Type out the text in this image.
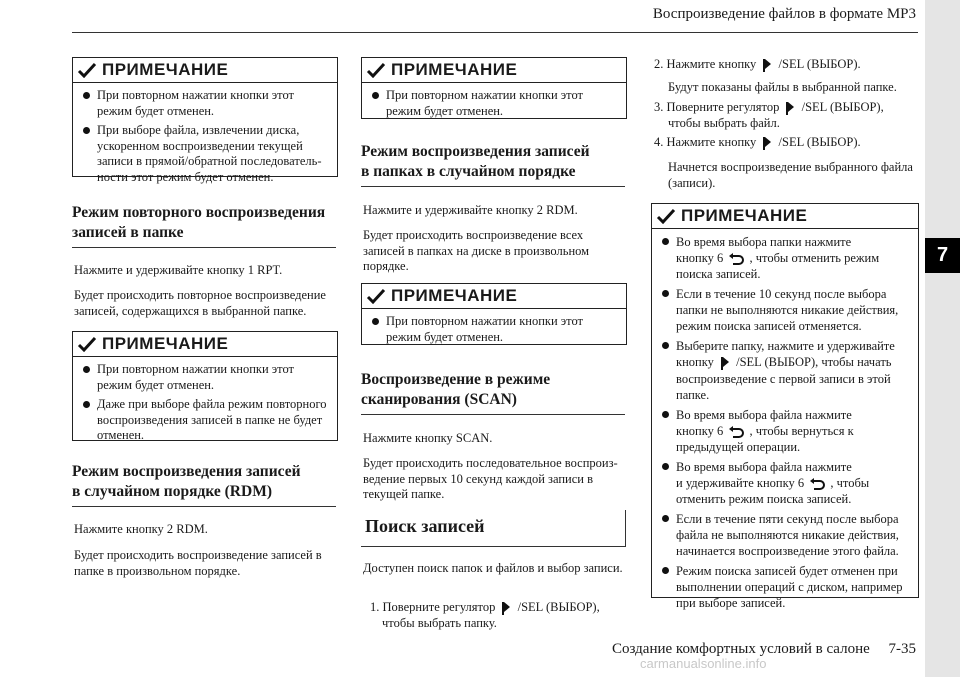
Воспроизведение файлов в формате MP3
7
Создание комфортных условий в салоне     7-35
carmanualsonline.info
ПРИМЕЧАНИЕ
При повторном нажатии кнопки этот режим будет отменен.
При выборе файла, извлечении диска, ускоренном воспроизведении текущей записи в прямой/обратной последовательности этот режим будет отменен.
Режим повторного воспроизведения
записей в папке
Нажмите и удерживайте кнопку 1 RPT.
Будет происходить повторное воспроизведение записей, содержащихся в выбранной папке.
ПРИМЕЧАНИЕ
При повторном нажатии кнопки этот режим будет отменен.
Даже при выборе файла режим повторного воспроизведения записей в папке не будет отменен.
Режим воспроизведения записей
в случайном порядке (RDM)
Нажмите кнопку 2 RDM.
Будет происходить воспроизведение записей в папке в произвольном порядке.
ПРИМЕЧАНИЕ
При повторном нажатии кнопки этот режим будет отменен.
Режим воспроизведения записей
в папках в случайном порядке
Нажмите и удерживайте кнопку 2 RDM.
Будет происходить воспроизведение всех записей в папках на диске в произвольном порядке.
ПРИМЕЧАНИЕ
При повторном нажатии кнопки этот режим будет отменен.
Воспроизведение в режиме
сканирования (SCAN)
Нажмите кнопку SCAN.
Будет происходить последовательное воспроизведение первых 10 секунд каждой записи в текущей папке.
Поиск записей
Доступен поиск папок и файлов и выбор записи.
1. Поверните регулятор /SEL (ВЫБОР),
чтобы выбрать папку.
2. Нажмите кнопку /SEL (ВЫБОР).
Будут показаны файлы в выбранной папке.
3. Поверните регулятор /SEL (ВЫБОР),
чтобы выбрать файл.
4. Нажмите кнопку /SEL (ВЫБОР).
Начнется воспроизведение выбранного файла (записи).
ПРИМЕЧАНИЕ
Во время выбора папки нажмите
кнопку 6 , чтобы отменить режим поиска записей.
Если в течение 10 секунд после выбора папки не выполняются никакие действия, режим поиска записей отменяется.
Выберите папку, нажмите и удерживайте
кнопку /SEL (ВЫБОР), чтобы начать воспроизведение с первой записи в этой папке.
Во время выбора файла нажмите
кнопку 6 , чтобы вернуться к предыдущей операции.
Во время выбора файла нажмите
и удерживайте кнопку 6 , чтобы отменить режим поиска записей.
Если в течение пяти секунд после выбора файла не выполняются никакие действия, начинается воспроизведение этого файла.
Режим поиска записей будет отменен при выполнении операций с диском, например при выборе записей.
